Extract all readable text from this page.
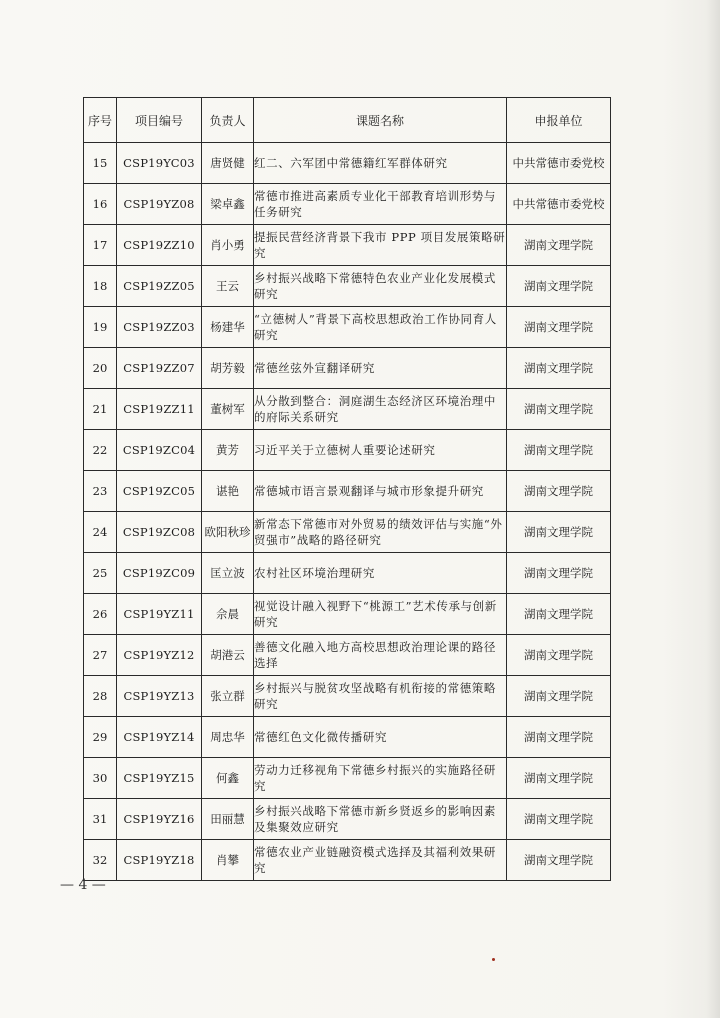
序号	项目编号	负责人	课题名称	申报单位
15	CSP19YC03	唐贤健	红二、六军团中常德籍红军群体研究	中共常德市委党校
16	CSP19YZ08	梁卓鑫	常德市推进高素质专业化干部教育培训形势与任务研究	中共常德市委党校
17	CSP19ZZ10	肖小勇	提振民营经济背景下我市 PPP 项目发展策略研究	湖南文理学院
18	CSP19ZZ05	王云	乡村振兴战略下常德特色农业产业化发展模式研究	湖南文理学院
19	CSP19ZZ03	杨建华	“立德树人”背景下高校思想政治工作协同育人研究	湖南文理学院
20	CSP19ZZ07	胡芳毅	常德丝弦外宣翻译研究	湖南文理学院
21	CSP19ZZ11	董树军	从分散到整合：洞庭湖生态经济区环境治理中的府际关系研究	湖南文理学院
22	CSP19ZC04	黄芳	习近平关于立德树人重要论述研究	湖南文理学院
23	CSP19ZC05	谌艳	常德城市语言景观翻译与城市形象提升研究	湖南文理学院
24	CSP19ZC08	欧阳秋珍	新常态下常德市对外贸易的绩效评估与实施“外贸强市”战略的路径研究	湖南文理学院
25	CSP19ZC09	匡立波	农村社区环境治理研究	湖南文理学院
26	CSP19YZ11	佘晨	视觉设计融入视野下“桃源工”艺术传承与创新研究	湖南文理学院
27	CSP19YZ12	胡港云	善德文化融入地方高校思想政治理论课的路径选择	湖南文理学院
28	CSP19YZ13	张立群	乡村振兴与脱贫攻坚战略有机衔接的常德策略研究	湖南文理学院
29	CSP19YZ14	周忠华	常德红色文化微传播研究	湖南文理学院
30	CSP19YZ15	何鑫	劳动力迁移视角下常德乡村振兴的实施路径研究	湖南文理学院
31	CSP19YZ16	田丽慧	乡村振兴战略下常德市新乡贤返乡的影响因素及集聚效应研究	湖南文理学院
32	CSP19YZ18	肖攀	常德农业产业链融资模式选择及其福利效果研究	湖南文理学院
— 4 —
